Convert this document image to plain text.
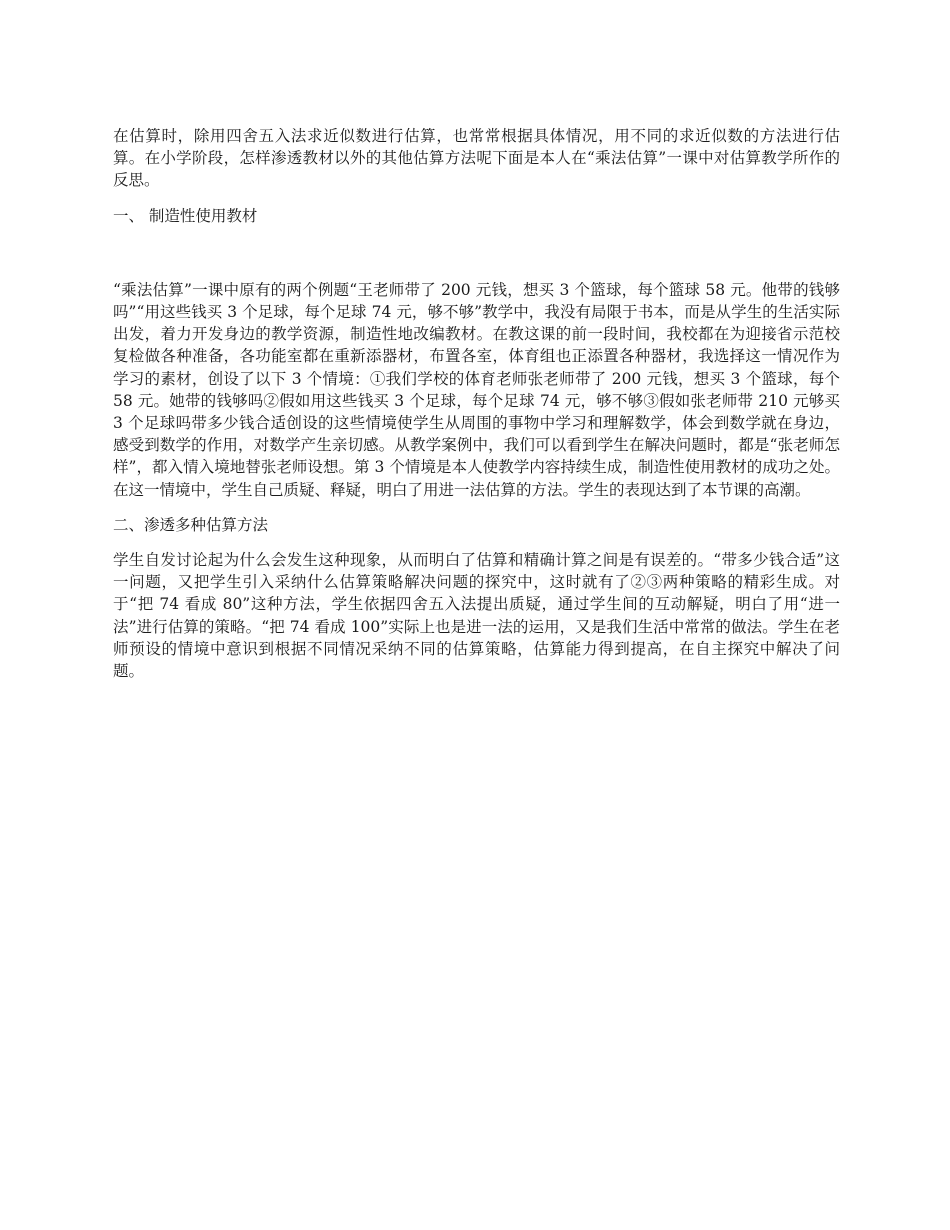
在估算时，除用四舍五入法求近似数进行估算，也常常根据具体情况，用不同的求近似数的方法进行估算。在小学阶段，怎样渗透教材以外的其他估算方法呢下面是本人在“乘法估算”一课中对估算教学所作的反思。

一、 制造性使用教材

“乘法估算”一课中原有的两个例题“王老师带了 200 元钱，想买 3 个篮球，每个篮球 58 元。他带的钱够吗”“用这些钱买 3 个足球，每个足球 74 元，够不够”教学中，我没有局限于书本，而是从学生的生活实际出发，着力开发身边的教学资源，制造性地改编教材。在教这课的前一段时间，我校都在为迎接省示范校复检做各种准备，各功能室都在重新添器材，布置各室，体育组也正添置各种器材，我选择这一情况作为学习的素材，创设了以下 3 个情境：①我们学校的体育老师张老师带了 200 元钱，想买 3 个篮球，每个 58 元。她带的钱够吗②假如用这些钱买 3 个足球，每个足球 74 元，够不够③假如张老师带 210 元够买 3 个足球吗带多少钱合适创设的这些情境使学生从周围的事物中学习和理解数学，体会到数学就在身边，感受到数学的作用，对数学产生亲切感。从教学案例中，我们可以看到学生在解决问题时，都是“张老师怎样”，都入情入境地替张老师设想。第 3 个情境是本人使教学内容持续生成，制造性使用教材的成功之处。在这一情境中，学生自己质疑、释疑，明白了用进一法估算的方法。学生的表现达到了本节课的高潮。

二、渗透多种估算方法

学生自发讨论起为什么会发生这种现象，从而明白了估算和精确计算之间是有误差的。“带多少钱合适”这一问题，又把学生引入采纳什么估算策略解决问题的探究中，这时就有了②③两种策略的精彩生成。对于“把 74 看成 80”这种方法，学生依据四舍五入法提出质疑，通过学生间的互动解疑，明白了用“进一法”进行估算的策略。“把 74 看成 100”实际上也是进一法的运用，又是我们生活中常常的做法。学生在老师预设的情境中意识到根据不同情况采纳不同的估算策略，估算能力得到提高，在自主探究中解决了问题。
